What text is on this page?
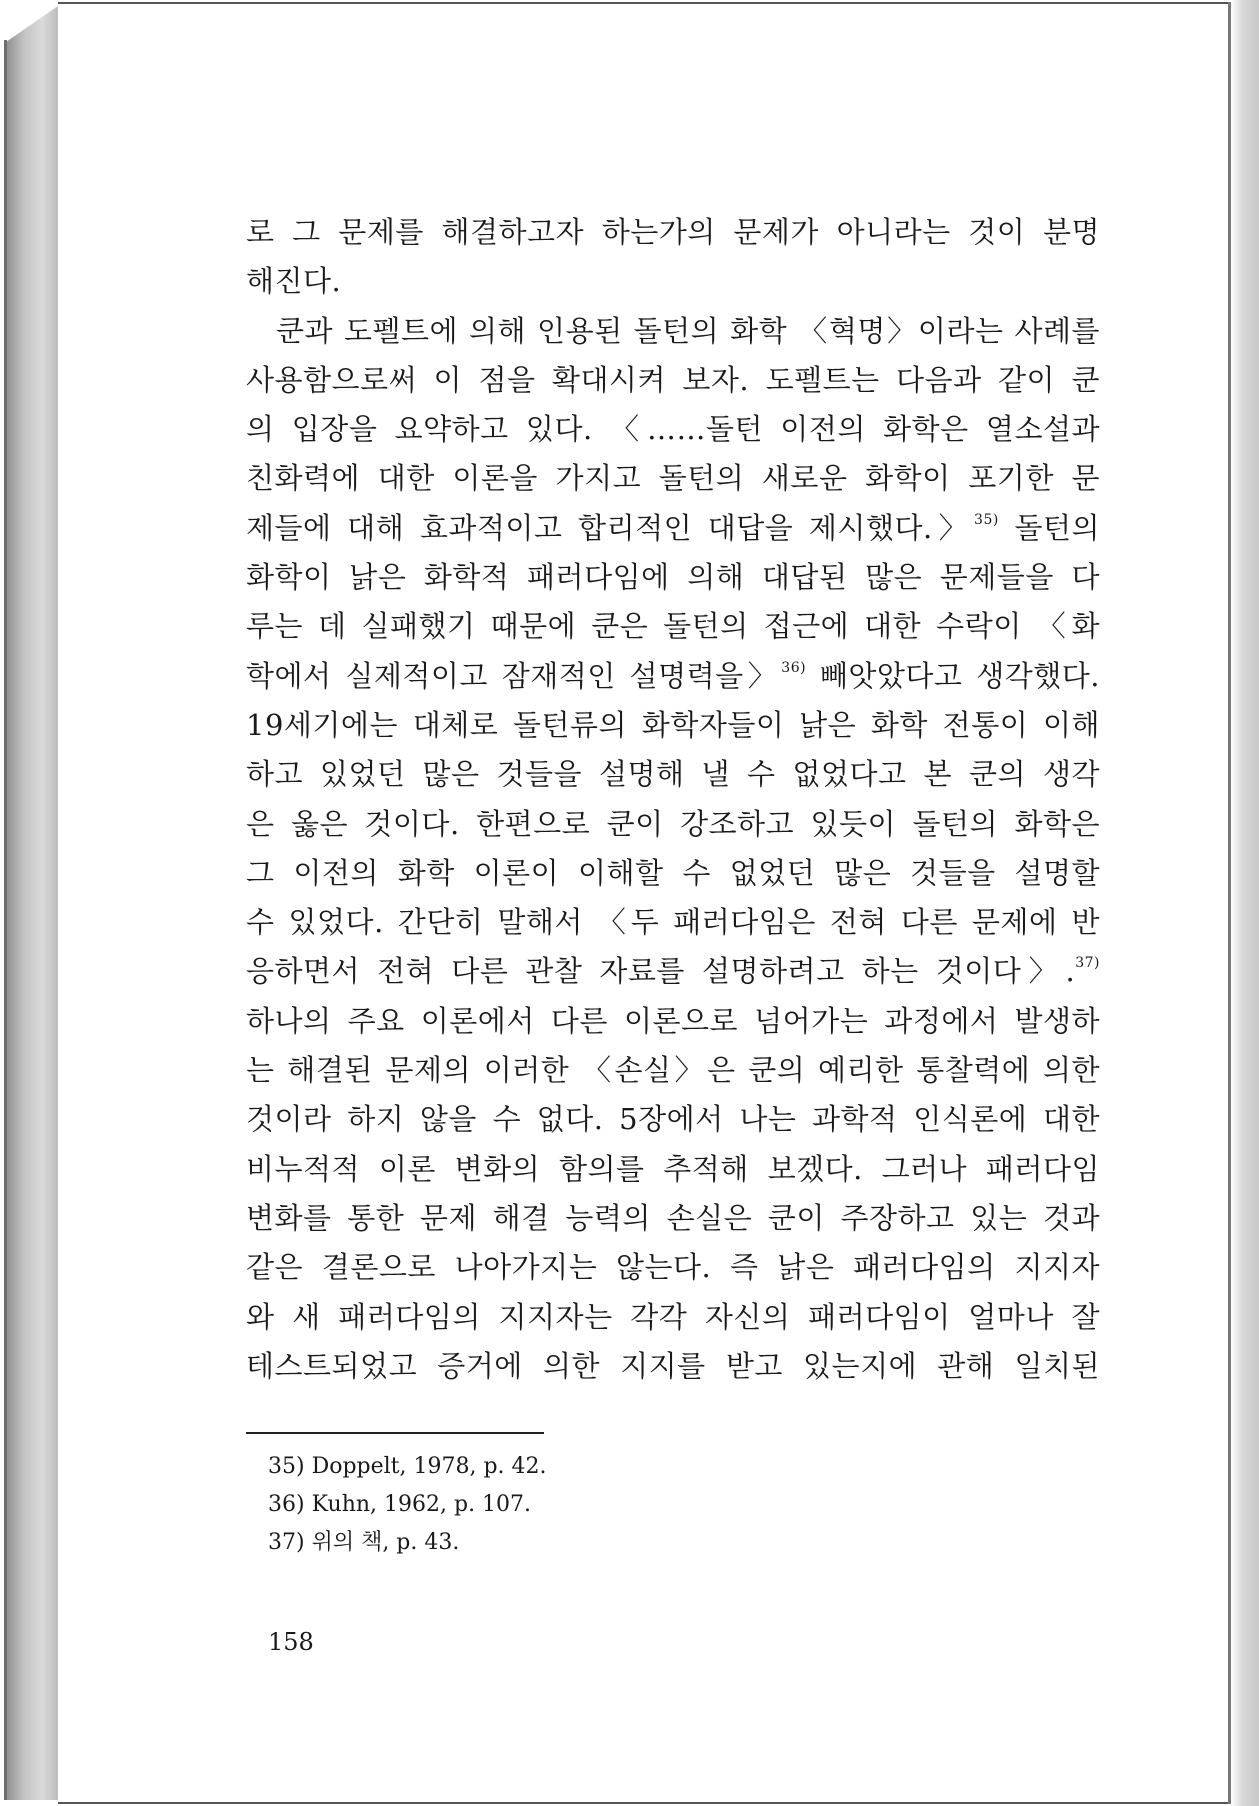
로 그 문제를 해결하고자 하는가의 문제가 아니라는 것이 분명
해진다.
쿤과 도펠트에 의해 인용된 돌턴의 화학 〈혁명〉이라는 사례를
사용함으로써 이 점을 확대시켜 보자. 도펠트는 다음과 같이 쿤
의 입장을 요약하고 있다. 〈……돌턴 이전의 화학은 열소설과
친화력에 대한 이론을 가지고 돌턴의 새로운 화학이 포기한 문
제들에 대해 효과적이고 합리적인 대답을 제시했다.〉$^{35)}$ 돌턴의
화학이 낡은 화학적 패러다임에 의해 대답된 많은 문제들을 다
루는 데 실패했기 때문에 쿤은 돌턴의 접근에 대한 수락이 〈화
학에서 실제적이고 잠재적인 설명력을〉$^{36)}$ 빼앗았다고 생각했다.
19세기에는 대체로 돌턴류의 화학자들이 낡은 화학 전통이 이해
하고 있었던 많은 것들을 설명해 낼 수 없었다고 본 쿤의 생각
은 옳은 것이다. 한편으로 쿤이 강조하고 있듯이 돌턴의 화학은
그 이전의 화학 이론이 이해할 수 없었던 많은 것들을 설명할
수 있었다. 간단히 말해서 〈두 패러다임은 전혀 다른 문제에 반
응하면서 전혀 다른 관찰 자료를 설명하려고 하는 것이다〉.$^{37)}$
하나의 주요 이론에서 다른 이론으로 넘어가는 과정에서 발생하
는 해결된 문제의 이러한 〈손실〉은 쿤의 예리한 통찰력에 의한
것이라 하지 않을 수 없다. 5장에서 나는 과학적 인식론에 대한
비누적적 이론 변화의 함의를 추적해 보겠다. 그러나 패러다임
변화를 통한 문제 해결 능력의 손실은 쿤이 주장하고 있는 것과
같은 결론으로 나아가지는 않는다. 즉 낡은 패러다임의 지지자
와 새 패러다임의 지지자는 각각 자신의 패러다임이 얼마나 잘
테스트되었고 증거에 의한 지지를 받고 있는지에 관해 일치된
35) Doppelt, 1978, p. 42.
36) Kuhn, 1962, p. 107.
37) 위의 책, p. 43.
158
